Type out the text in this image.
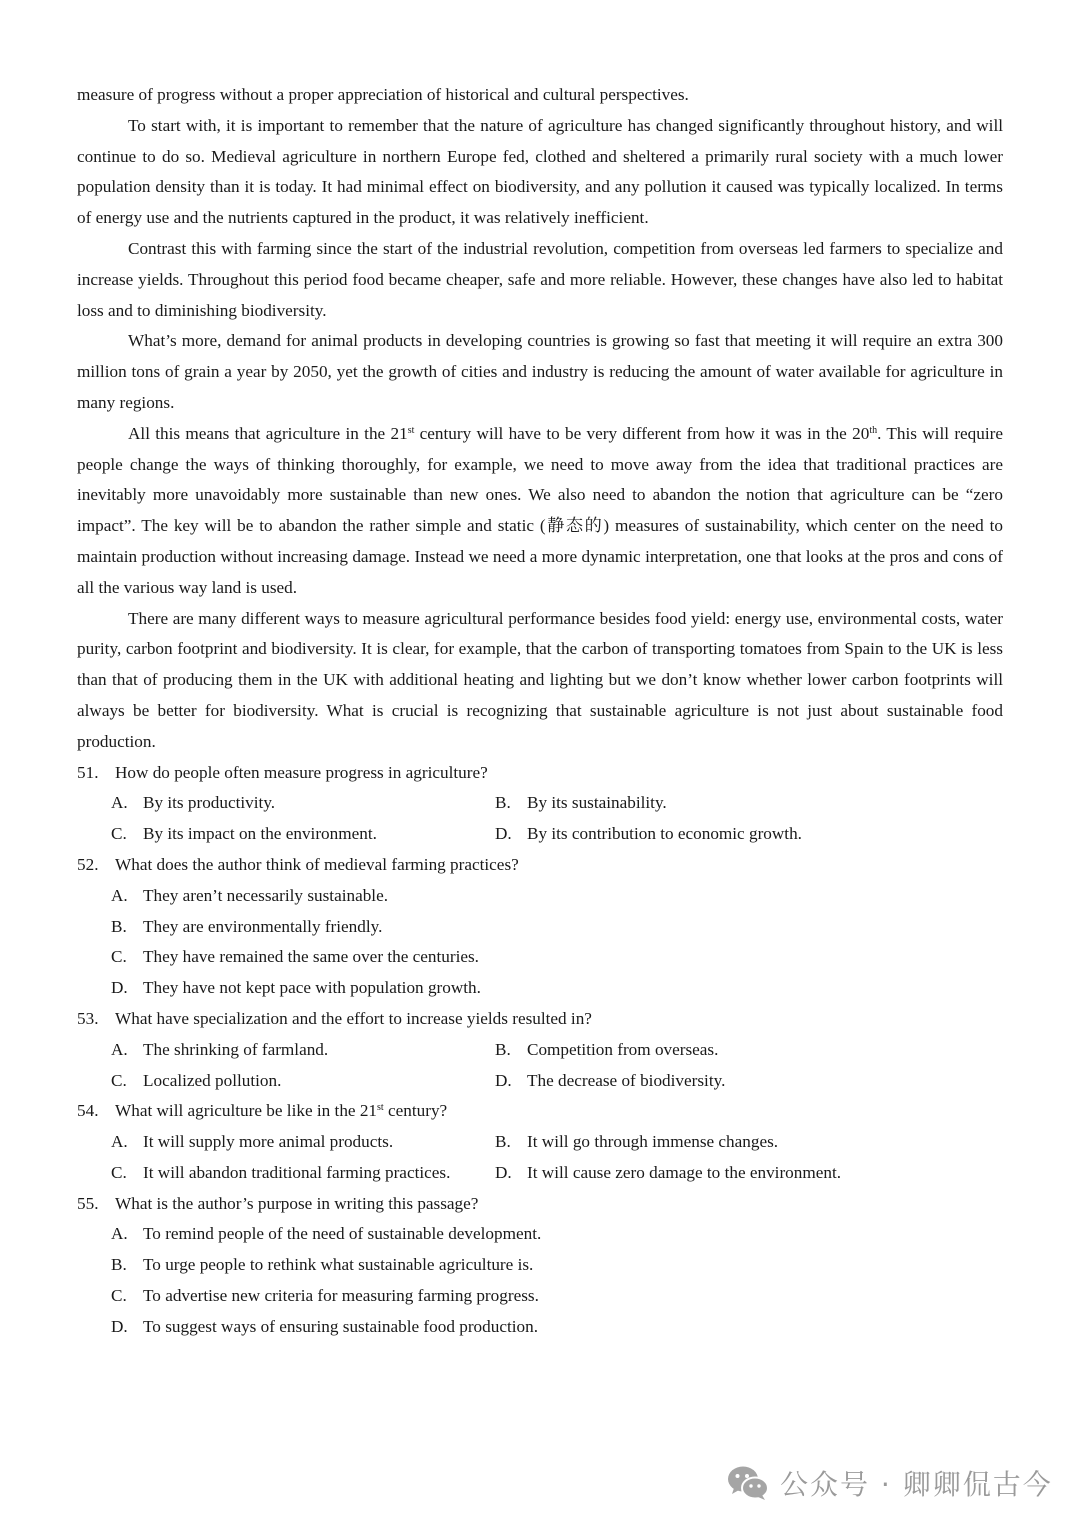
measure of progress without a proper appreciation of historical and cultural perspectives.

To start with, it is important to remember that the nature of agriculture has changed significantly throughout history, and will continue to do so. Medieval agriculture in northern Europe fed, clothed and sheltered a primarily rural society with a much lower population density than it is today. It had minimal effect on biodiversity, and any pollution it caused was typically localized. In terms of energy use and the nutrients captured in the product, it was relatively inefficient.

Contrast this with farming since the start of the industrial revolution, competition from overseas led farmers to specialize and increase yields. Throughout this period food became cheaper, safe and more reliable. However, these changes have also led to habitat loss and to diminishing biodiversity.

What’s more, demand for animal products in developing countries is growing so fast that meeting it will require an extra 300 million tons of grain a year by 2050, yet the growth of cities and industry is reducing the amount of water available for agriculture in many regions.

All this means that agriculture in the 21st century will have to be very different from how it was in the 20th. This will require people change the ways of thinking thoroughly, for example, we need to move away from the idea that traditional practices are inevitably more unavoidably more sustainable than new ones. We also need to abandon the notion that agriculture can be “zero impact”. The key will be to abandon the rather simple and static (静态的) measures of sustainability, which center on the need to maintain production without increasing damage. Instead we need a more dynamic interpretation, one that looks at the pros and cons of all the various way land is used.

There are many different ways to measure agricultural performance besides food yield: energy use, environmental costs, water purity, carbon footprint and biodiversity. It is clear, for example, that the carbon of transporting tomatoes from Spain to the UK is less than that of producing them in the UK with additional heating and lighting but we don’t know whether lower carbon footprints will always be better for biodiversity. What is crucial is recognizing that sustainable agriculture is not just about sustainable food production.

51. How do people often measure progress in agriculture?
A. By its productivity.	B. By its sustainability.
C. By its impact on the environment.	D. By its contribution to economic growth.
52. What does the author think of medieval farming practices?
A. They aren’t necessarily sustainable.
B. They are environmentally friendly.
C. They have remained the same over the centuries.
D. They have not kept pace with population growth.
53. What have specialization and the effort to increase yields resulted in?
A. The shrinking of farmland.	B. Competition from overseas.
C. Localized pollution.	D. The decrease of biodiversity.
54. What will agriculture be like in the 21st century?
A. It will supply more animal products.	B. It will go through immense changes.
C. It will abandon traditional farming practices.	D. It will cause zero damage to the environment.
55. What is the author’s purpose in writing this passage?
A. To remind people of the need of sustainable development.
B. To urge people to rethink what sustainable agriculture is.
C. To advertise new criteria for measuring farming progress.
D. To suggest ways of ensuring sustainable food production.
公众号 · 卿卿侃古今
